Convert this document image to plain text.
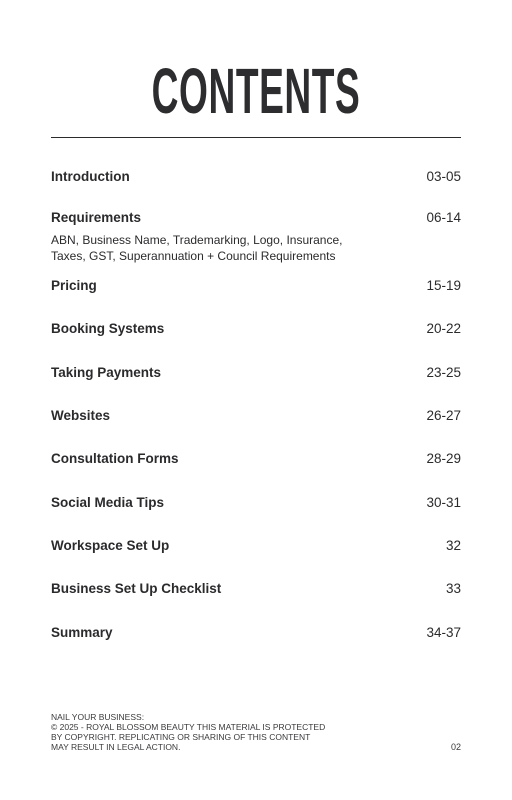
CONTENTS
Introduction	03-05
Requirements	06-14
ABN, Business Name, Trademarking, Logo, Insurance,
Taxes, GST, Superannuation + Council Requirements
Pricing	15-19
Booking Systems	20-22
Taking Payments	23-25
Websites	26-27
Consultation Forms	28-29
Social Media Tips	30-31
Workspace Set Up	32
Business Set Up Checklist	33
Summary	34-37
NAIL YOUR BUSINESS:
© 2025 - ROYAL BLOSSOM BEAUTY THIS MATERIAL IS PROTECTED
BY COPYRIGHT. REPLICATING OR SHARING OF THIS CONTENT
MAY RESULT IN LEGAL ACTION.	02
